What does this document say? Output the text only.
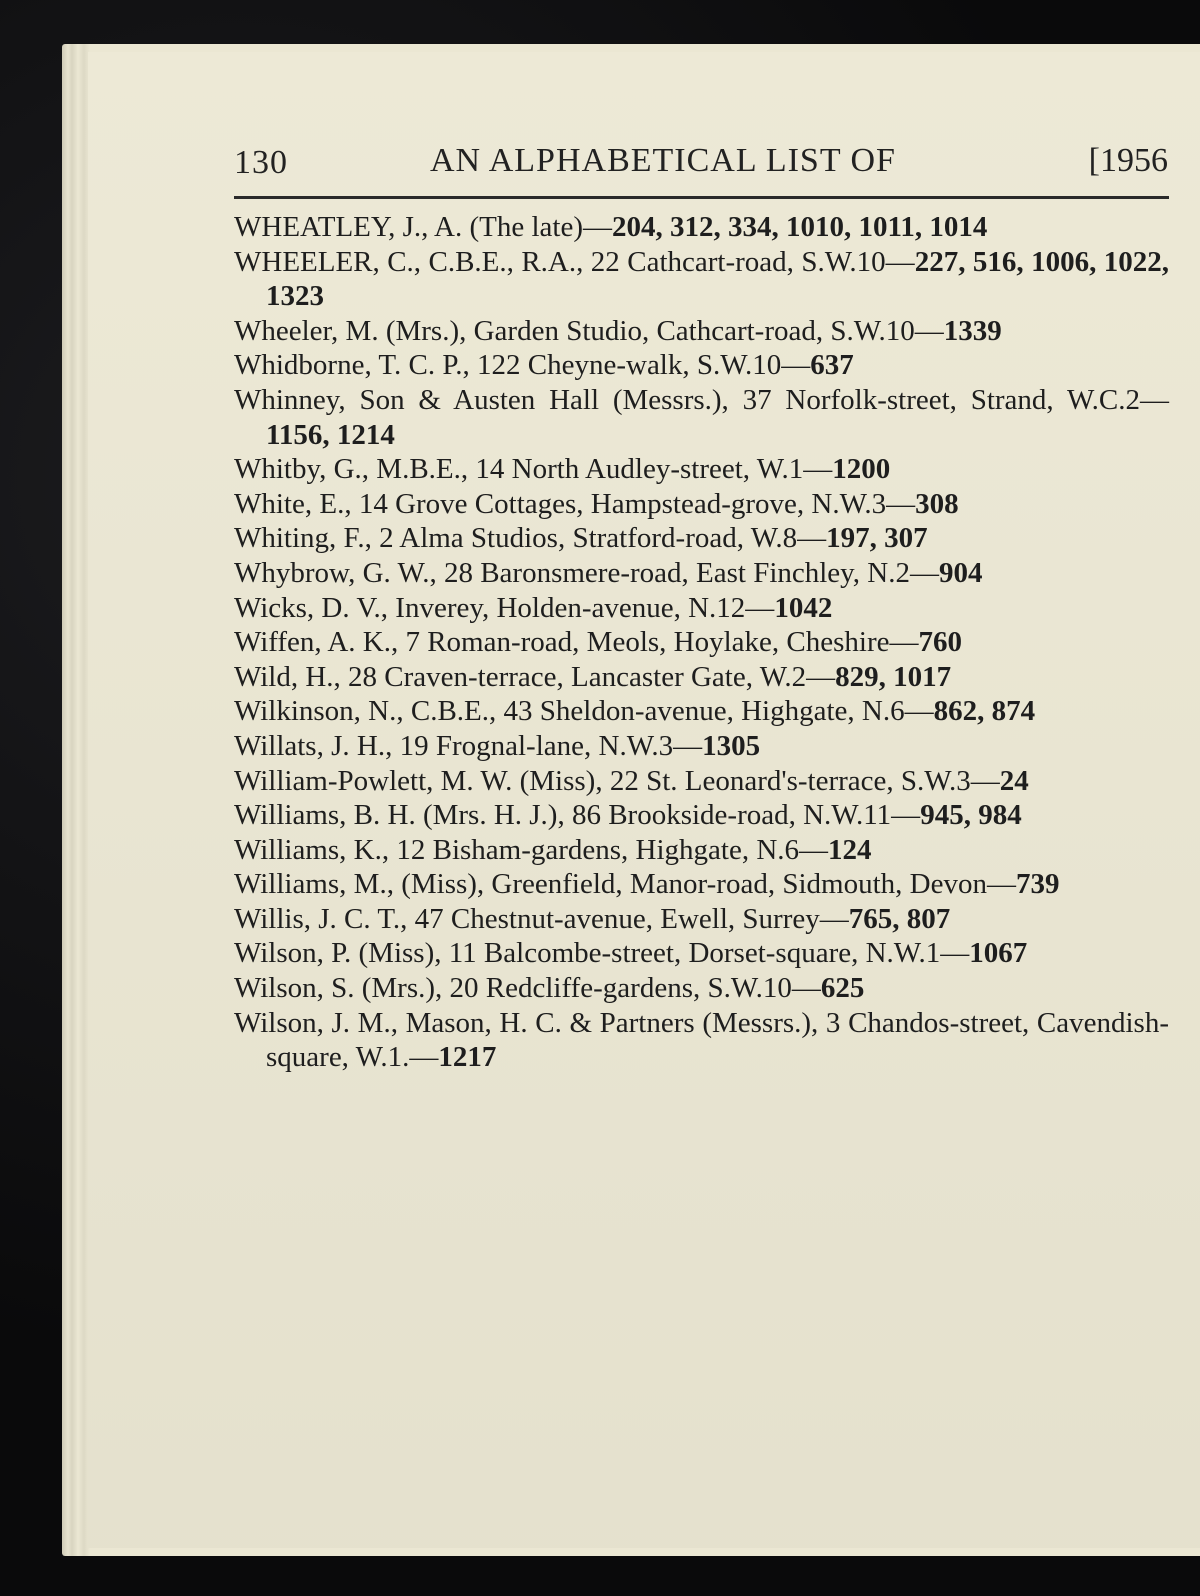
130	AN ALPHABETICAL LIST OF	[1956

WHEATLEY, J., A. (The late)—204, 312, 334, 1010, 1011, 1014

WHEELER, C., C.B.E., R.A., 22 Cathcart-road, S.W.10—227, 516, 1006, 1022, 1323

Wheeler, M. (Mrs.), Garden Studio, Cathcart-road, S.W.10—1339

Whidborne, T. C. P., 122 Cheyne-walk, S.W.10—637

Whinney, Son & Austen Hall (Messrs.), 37 Norfolk-street, Strand, W.C.2—1156, 1214

Whitby, G., M.B.E., 14 North Audley-street, W.1—1200

White, E., 14 Grove Cottages, Hampstead-grove, N.W.3—308

Whiting, F., 2 Alma Studios, Stratford-road, W.8—197, 307

Whybrow, G. W., 28 Baronsmere-road, East Finchley, N.2—904

Wicks, D. V., Inverey, Holden-avenue, N.12—1042

Wiffen, A. K., 7 Roman-road, Meols, Hoylake, Cheshire—760

Wild, H., 28 Craven-terrace, Lancaster Gate, W.2—829, 1017

Wilkinson, N., C.B.E., 43 Sheldon-avenue, Highgate, N.6—862, 874

Willats, J. H., 19 Frognal-lane, N.W.3—1305

William-Powlett, M. W. (Miss), 22 St. Leonard's-terrace, S.W.3—24

Williams, B. H. (Mrs. H. J.), 86 Brookside-road, N.W.11—945, 984

Williams, K., 12 Bisham-gardens, Highgate, N.6—124

Williams, M., (Miss), Greenfield, Manor-road, Sidmouth, Devon—739

Willis, J. C. T., 47 Chestnut-avenue, Ewell, Surrey—765, 807

Wilson, P. (Miss), 11 Balcombe-street, Dorset-square, N.W.1—1067

Wilson, S. (Mrs.), 20 Redcliffe-gardens, S.W.10—625

Wilson, J. M., Mason, H. C. & Partners (Messrs.), 3 Chandos-street, Cavendish-square, W.1.—1217
